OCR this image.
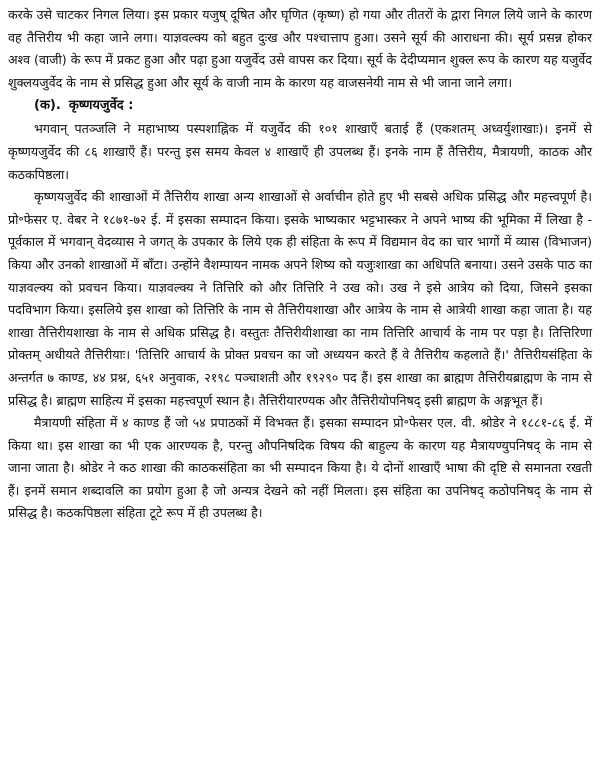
करके उसे चाटकर निगल लिया। इस प्रकार यजुष् दूषित और घृणित (कृष्ण) हो गया और तीतरों के द्वारा निगल लिये जाने के कारण वह तैत्तिरीय भी कहा जाने लगा। याज्ञवल्क्य को बहुत दुःख और पश्चात्ताप हुआ। उसने सूर्य की आराधना की। सूर्य प्रसन्न होकर अश्व (वाजी) के रूप में प्रकट हुआ और पढ़ा हुआ यजुर्वेद उसे वापस कर दिया। सूर्य के देदीप्यमान शुक्ल रूप के कारण यह यजुर्वेद शुक्लयजुर्वेद के नाम से प्रसिद्ध हुआ और सूर्य के वाजी नाम के कारण यह वाजसनेयी नाम से भी जाना जाने लगा।

(क). कृष्णयजुर्वेद :

भगवान् पतञ्जलि ने महाभाष्य पस्पशाह्निक में यजुर्वेद की १०१ शाखाएँ बताई हैं (एकशतम् अध्वर्युशाखाः)। इनमें से कृष्णयजुर्वेद की ८६ शाखाएँ हैं। परन्तु इस समय केवल ४ शाखाएँ ही उपलब्ध हैं। इनके नाम हैं तैत्तिरीय, मैत्रायणी, काठक और कठकपिष्ठला।

कृष्णयजुर्वेद की शाखाओं में तैत्तिरीय शाखा अन्य शाखाओं से अर्वाचीन होते हुए भी सबसे अधिक प्रसिद्ध और महत्त्वपूर्ण है। प्रो॰फेसर ए. वेबर ने १८७१-७२ ई. में इसका सम्पादन किया। इसके भाष्यकार भट्टभास्कर ने अपने भाष्य की भूमिका में लिखा है - पूर्वकाल में भगवान् वेदव्यास ने जगत् के उपकार के लिये एक ही संहिता के रूप में विद्यमान वेद का चार भागों में व्यास (विभाजन) किया और उनको शाखाओं में बाँटा। उन्होंने वैशम्पायन नामक अपने शिष्य को यजुःशाखा का अधिपति बनाया। उसने उसके पाठ का याज्ञवल्क्य को प्रवचन किया। याज्ञवल्क्य ने तित्तिरि को और तित्तिरि ने उख को। उख ने इसे आत्रेय को दिया, जिसने इसका पदविभाग किया। इसलिये इस शाखा को तित्तिरि के नाम से तैत्तिरीयशाखा और आत्रेय के नाम से आत्रेयी शाखा कहा जाता है। यह शाखा तैत्तिरीयशाखा के नाम से अधिक प्रसिद्ध है। वस्तुतः तैत्तिरीयीशाखा का नाम तित्तिरि आचार्य के नाम पर पड़ा है। तित्तिरिणा प्रोक्तम् अधीयते तैत्तिरीयाः। 'तित्तिरि आचार्य के प्रोक्त प्रवचन का जो अध्ययन करते हैं वे तैत्तिरीय कहलाते हैं।' तैत्तिरीयसंहिता के अन्तर्गत ७ काण्ड, ४४ प्रश्न, ६५१ अनुवाक, २१९८ पञ्चाशती और १९२९० पद हैं। इस शाखा का ब्राह्मण तैत्तिरीयब्राह्मण के नाम से प्रसिद्ध है। ब्राह्मण साहित्य में इसका महत्त्वपूर्ण स्थान है। तैत्तिरीयारण्यक और तैत्तिरीयोपनिषद् इसी ब्राह्मण के अङ्गभूत हैं।

मैत्रायणी संहिता में ४ काण्ड हैं जो ५४ प्रपाठकों में विभक्त हैं। इसका सम्पादन प्रो॰फेसर एल. वी. श्रोडेर ने १८८१-८६ ई. में किया था। इस शाखा का भी एक आरण्यक है, परन्तु औपनिषदिक विषय की बाहुल्य के कारण यह मैत्रायण्युपनिषद् के नाम से जाना जाता है। श्रोडेर ने कठ शाखा की काठकसंहिता का भी सम्पादन किया है। ये दोनों शाखाएँ भाषा की दृष्टि से समानता रखती हैं। इनमें समान शब्दावलि का प्रयोग हुआ है जो अन्यत्र देखने को नहीं मिलता। इस संहिता का उपनिषद् कठोपनिषद् के नाम से प्रसिद्ध है। कठकपिष्ठला संहिता टूटे रूप में ही उपलब्ध है।
